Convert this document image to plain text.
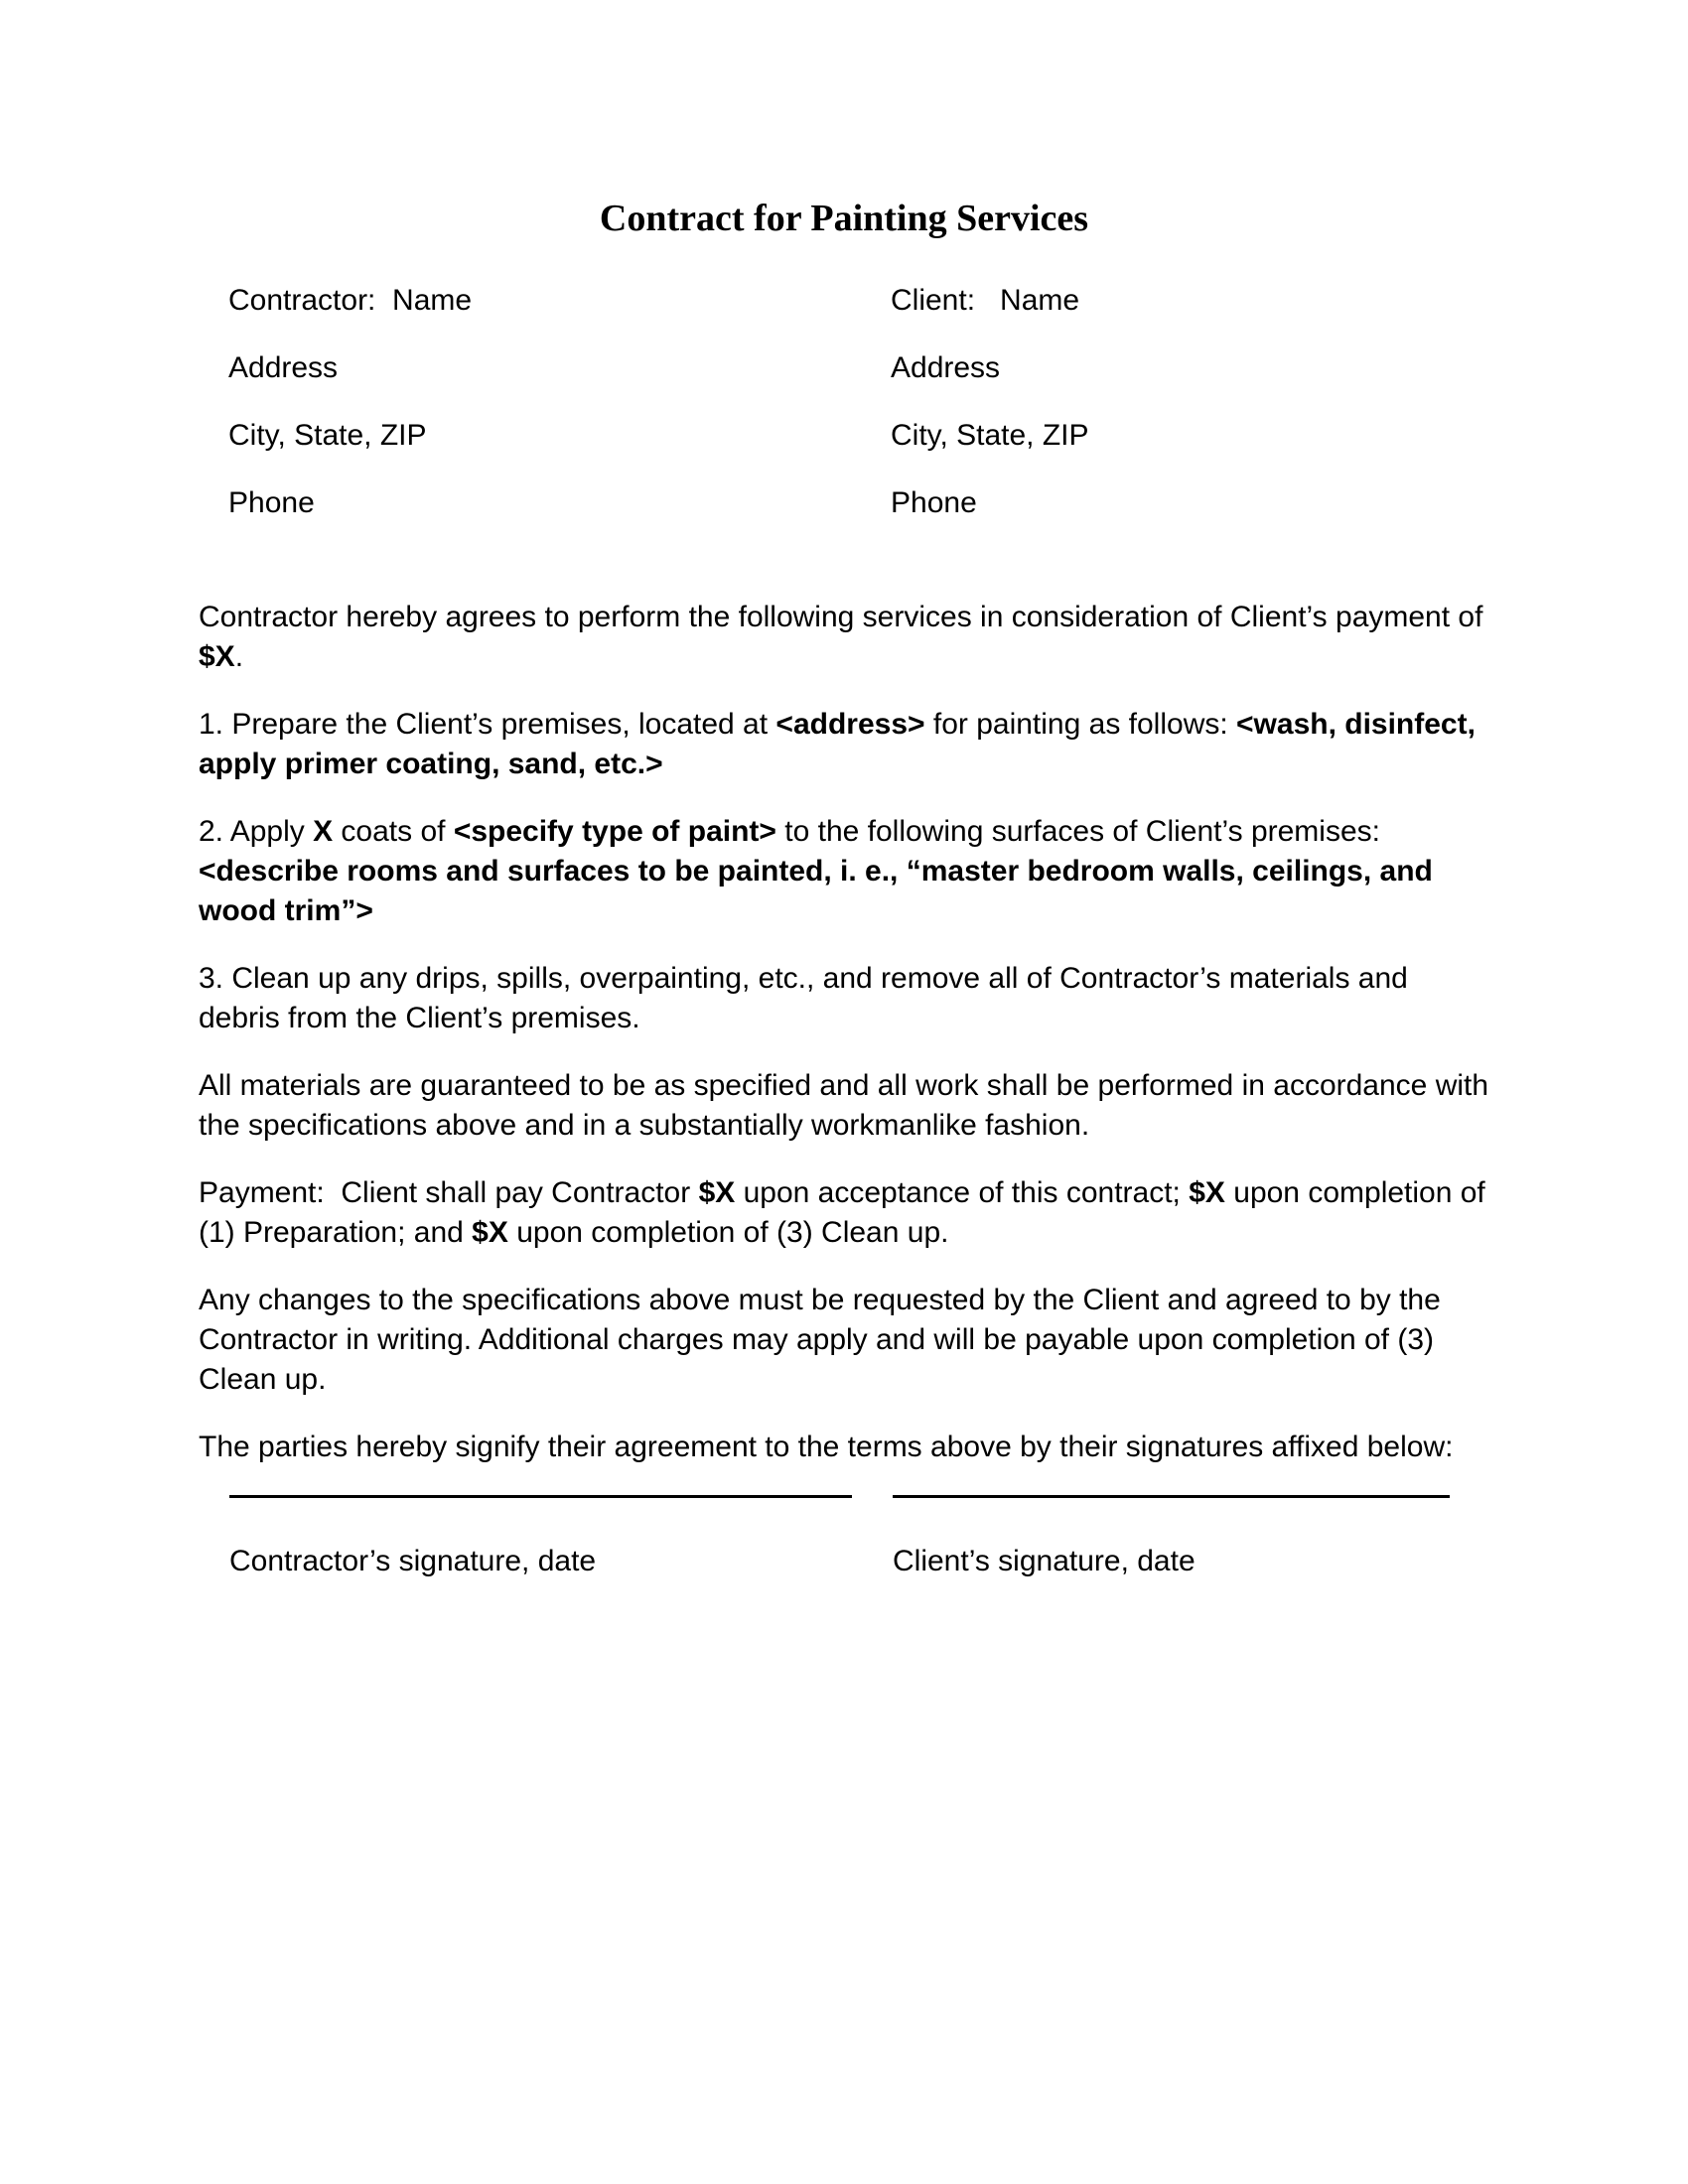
Contract for Painting Services
Contractor:  Name	Client:   Name
Address	Address
City, State, ZIP	City, State, ZIP
Phone	Phone

Contractor hereby agrees to perform the following services in consideration of Client’s payment of $X.

1. Prepare the Client’s premises, located at <address> for painting as follows: <wash, disinfect, apply primer coating, sand, etc.>

2. Apply X coats of <specify type of paint> to the following surfaces of Client’s premises: <describe rooms and surfaces to be painted, i. e., “master bedroom walls, ceilings, and wood trim”>

3. Clean up any drips, spills, overpainting, etc., and remove all of Contractor’s materials and debris from the Client’s premises.

All materials are guaranteed to be as specified and all work shall be performed in accordance with the specifications above and in a substantially workmanlike fashion.

Payment:  Client shall pay Contractor $X upon acceptance of this contract; $X upon completion of (1) Preparation; and $X upon completion of (3) Clean up.

Any changes to the specifications above must be requested by the Client and agreed to by the Contractor in writing. Additional charges may apply and will be payable upon completion of (3) Clean up.

The parties hereby signify their agreement to the terms above by their signatures affixed below:

Contractor’s signature, date	Client’s signature, date
